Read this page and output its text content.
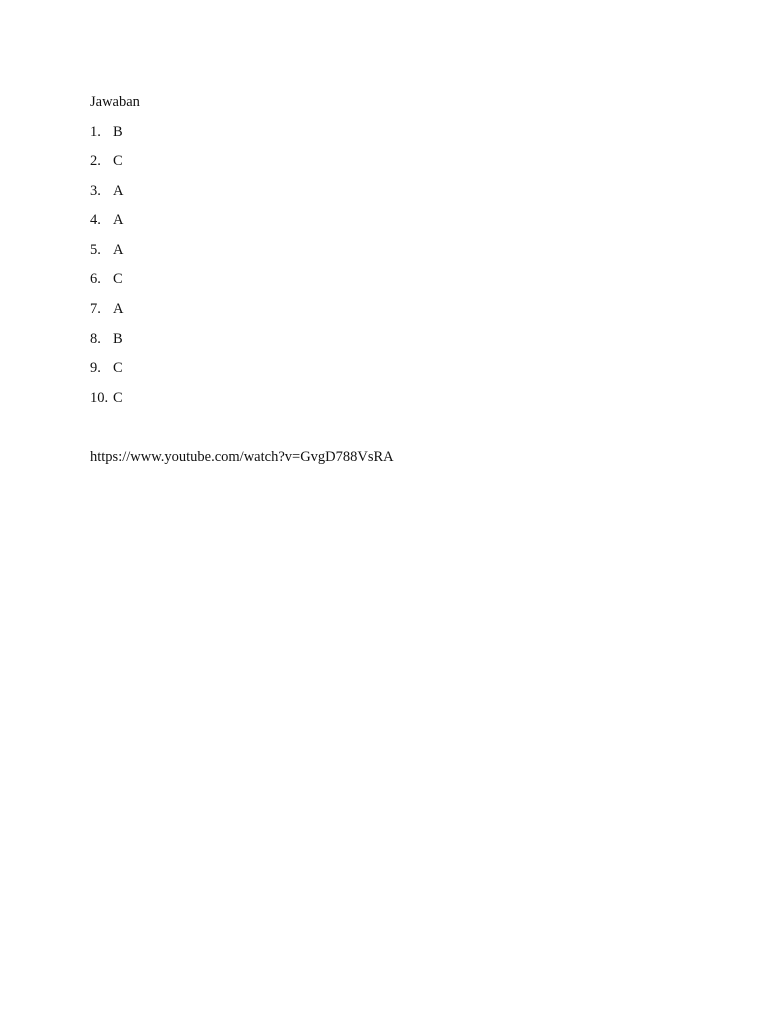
Jawaban
1. B
2. C
3. A
4. A
5. A
6. C
7. A
8. B
9. C
10. C
https://www.youtube.com/watch?v=GvgD788VsRA
